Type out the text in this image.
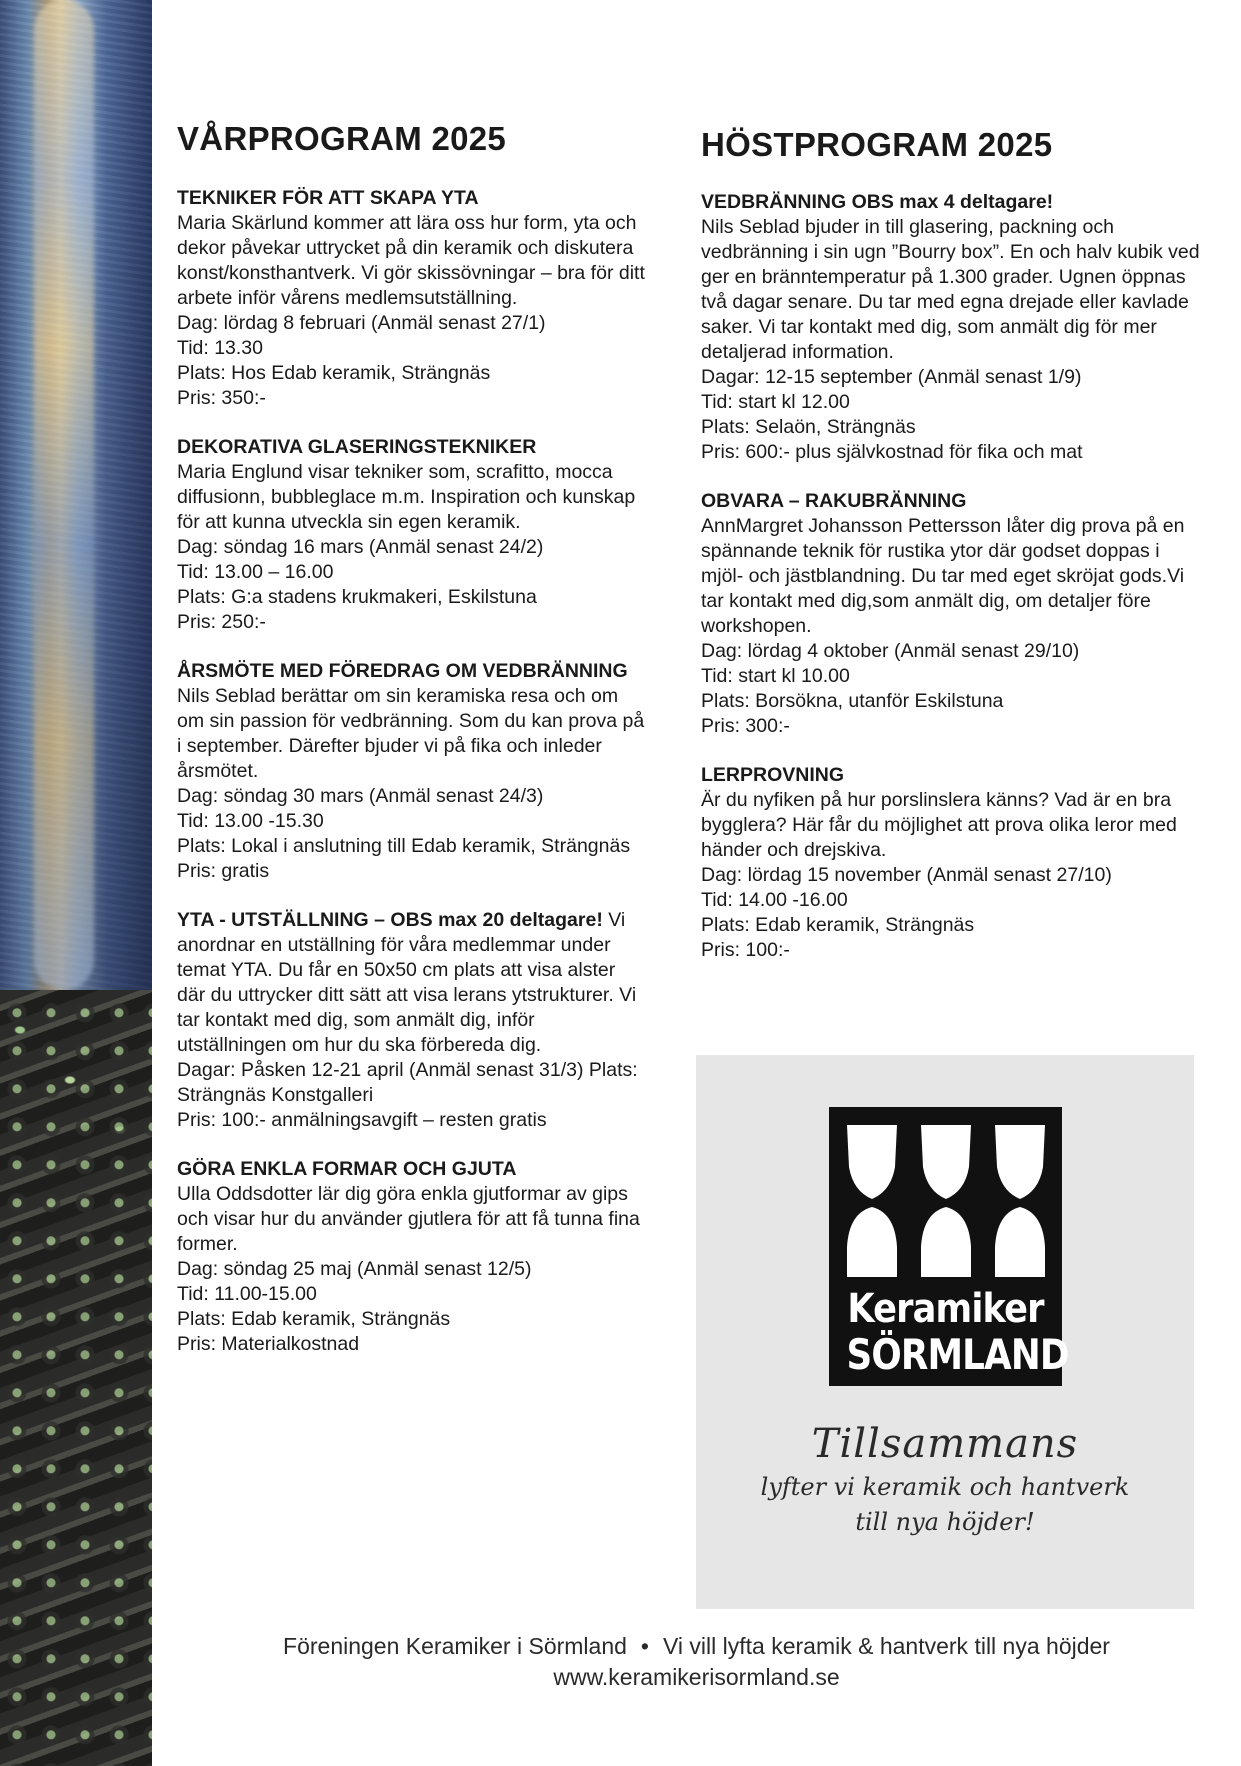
VÅRPROGRAM 2025
TEKNIKER FÖR ATT SKAPA YTA
Maria Skärlund kommer att lära oss hur form, yta och dekor påvekar uttrycket på din keramik och diskutera konst/konsthantverk. Vi gör skissövningar – bra för ditt arbete inför vårens medlemsutställning.
Dag: lördag 8 februari (Anmäl senast 27/1)
Tid: 13.30
Plats: Hos Edab keramik, Strängnäs
Pris: 350:-
DEKORATIVA GLASERINGSTEKNIKER
Maria Englund visar tekniker som, scrafitto, mocca diffusionn, bubbleglace m.m. Inspiration och kunskap för att kunna utveckla sin egen keramik.
Dag: söndag 16 mars (Anmäl senast 24/2)
Tid: 13.00 – 16.00
Plats: G:a stadens krukmakeri, Eskilstuna
Pris: 250:-
ÅRSMÖTE MED FÖREDRAG OM VEDBRÄNNING
Nils Seblad berättar om sin keramiska resa och om om sin passion för vedbränning. Som du kan prova på i september. Därefter bjuder vi på fika och inleder årsmötet.
Dag: söndag 30 mars (Anmäl senast 24/3)
Tid: 13.00 -15.30
Plats: Lokal i anslutning till Edab keramik, Strängnäs
Pris: gratis
YTA - UTSTÄLLNING – OBS max 20 deltagare! Vi anordnar en utställning för våra medlemmar under temat YTA. Du får en 50x50 cm plats att visa alster där du uttrycker ditt sätt att visa lerans ytstrukturer. Vi tar kontakt med dig, som anmält dig, inför utställningen om hur du ska förbereda dig.
Dagar: Påsken 12-21 april (Anmäl senast 31/3) Plats: Strängnäs Konstgalleri
Pris: 100:- anmälningsavgift – resten gratis
GÖRA ENKLA FORMAR OCH GJUTA
Ulla Oddsdotter lär dig göra enkla gjutformar av gips och visar hur du använder gjutlera för att få tunna fina former.
Dag: söndag 25 maj (Anmäl senast 12/5)
Tid: 11.00-15.00
Plats: Edab keramik, Strängnäs
Pris: Materialkostnad
HÖSTPROGRAM 2025
VEDBRÄNNING OBS max 4 deltagare!
Nils Seblad bjuder in till glasering, packning och vedbränning i sin ugn ”Bourry box”. En och halv kubik ved ger en bränntemperatur på 1.300 grader. Ugnen öppnas två dagar senare. Du tar med egna drejade eller kavlade saker. Vi tar kontakt med dig, som anmält dig för mer detaljerad information.
Dagar: 12-15 september (Anmäl senast 1/9)
Tid: start kl 12.00
Plats: Selaön, Strängnäs
Pris: 600:- plus självkostnad för fika och mat
OBVARA – RAKUBRÄNNING
AnnMargret Johansson Pettersson låter dig prova på en spännande teknik för rustika ytor där godset doppas i mjöl- och jästblandning. Du tar med eget skröjat gods.Vi tar kontakt med dig,som anmält dig, om detaljer före workshopen.
Dag: lördag 4 oktober (Anmäl senast 29/10)
Tid: start kl 10.00
Plats: Borsökna, utanför Eskilstuna
Pris: 300:-
LERPROVNING
Är du nyfiken på hur porslinslera känns? Vad är en bra bygglera? Här får du möjlighet att prova olika leror med händer och drejskiva.
Dag: lördag 15 november (Anmäl senast 27/10)
Tid: 14.00 -16.00
Plats: Edab keramik, Strängnäs
Pris: 100:-
Keramiker
SÖRMLAND
Tillsammans
lyfter vi keramik och hantverk
till nya höjder!
Föreningen Keramiker i Sörmland • Vi vill lyfta keramik & hantverk till nya höjder
www.keramikerisormland.se
